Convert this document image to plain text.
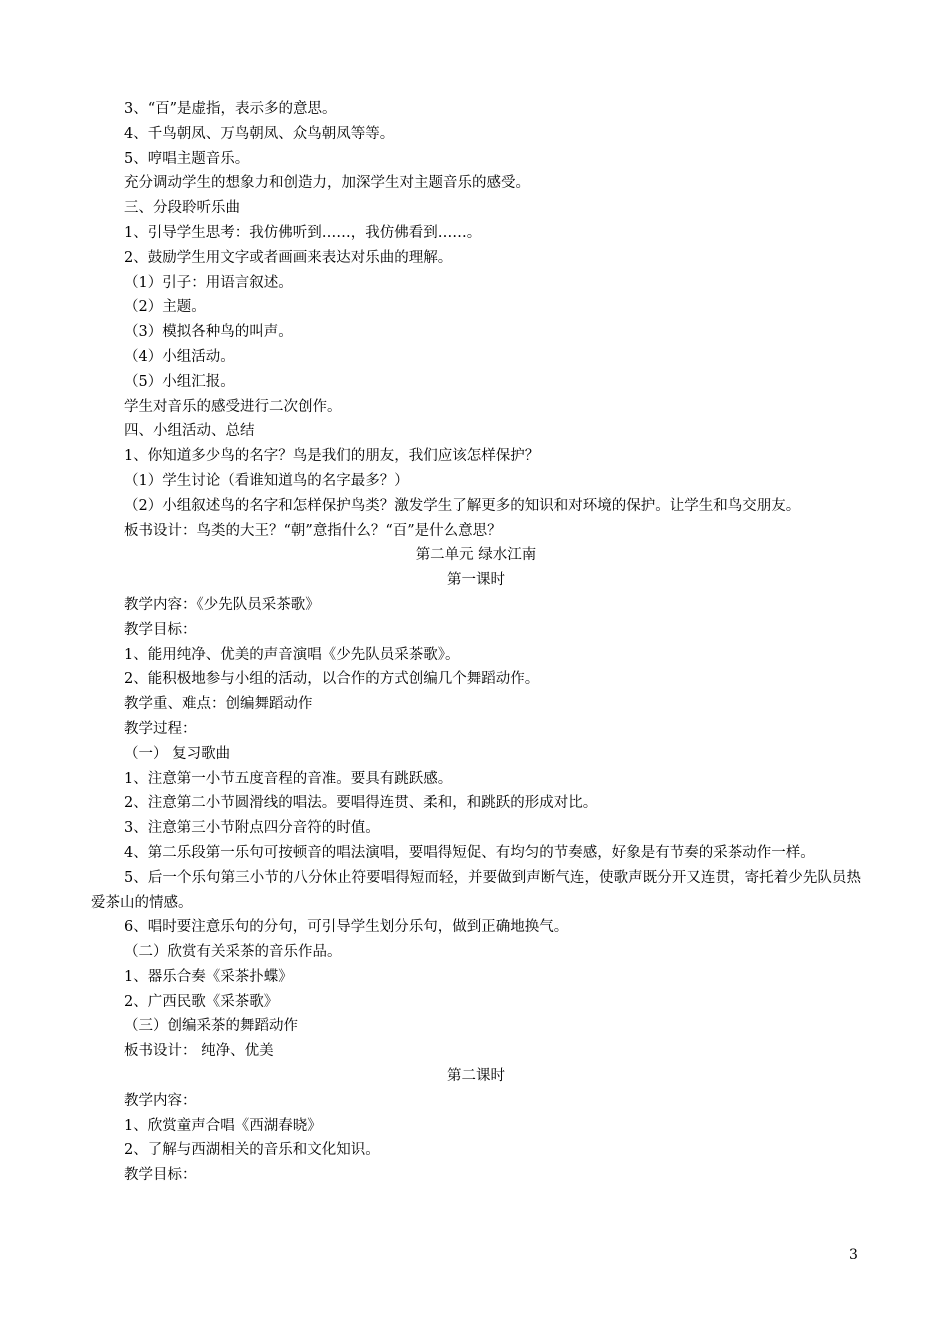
3、“百”是虚指，表示多的意思。
4、千鸟朝凤、万鸟朝凤、众鸟朝凤等等。
5、哼唱主题音乐。
充分调动学生的想象力和创造力，加深学生对主题音乐的感受。
三、分段聆听乐曲
1、引导学生思考：我仿佛听到……，我仿佛看到……。
2、鼓励学生用文字或者画画来表达对乐曲的理解。
（1）引子：用语言叙述。
（2）主题。
（3）模拟各种鸟的叫声。
（4）小组活动。
（5）小组汇报。
学生对音乐的感受进行二次创作。
四、小组活动、总结
1、你知道多少鸟的名字？鸟是我们的朋友，我们应该怎样保护？
（1）学生讨论（看谁知道鸟的名字最多？）
（2）小组叙述鸟的名字和怎样保护鸟类？激发学生了解更多的知识和对环境的保护。让学生和鸟交朋友。
板书设计：鸟类的大王？“朝”意指什么？“百”是什么意思？
第二单元 绿水江南
第一课时
教学内容：《少先队员采茶歌》
教学目标：
1、能用纯净、优美的声音演唱《少先队员采茶歌》。
2、能积极地参与小组的活动，以合作的方式创编几个舞蹈动作。
教学重、难点：创编舞蹈动作
教学过程：
（一） 复习歌曲
1、注意第一小节五度音程的音准。要具有跳跃感。
2、注意第二小节圆滑线的唱法。要唱得连贯、柔和，和跳跃的形成对比。
3、注意第三小节附点四分音符的时值。
4、第二乐段第一乐句可按顿音的唱法演唱，要唱得短促、有均匀的节奏感，好象是有节奏的采茶动作一样。
5、后一个乐句第三小节的八分休止符要唱得短而轻，并要做到声断气连，使歌声既分开又连贯，寄托着少先队员热爱茶山的情感。
6、唱时要注意乐句的分句，可引导学生划分乐句，做到正确地换气。
（二）欣赏有关采茶的音乐作品。
1、器乐合奏《采茶扑蝶》
2、广西民歌《采茶歌》
（三）创编采茶的舞蹈动作
板书设计： 纯净、优美
第二课时
教学内容：
1、欣赏童声合唱《西湖春晓》
2、了解与西湖相关的音乐和文化知识。
教学目标：
3
